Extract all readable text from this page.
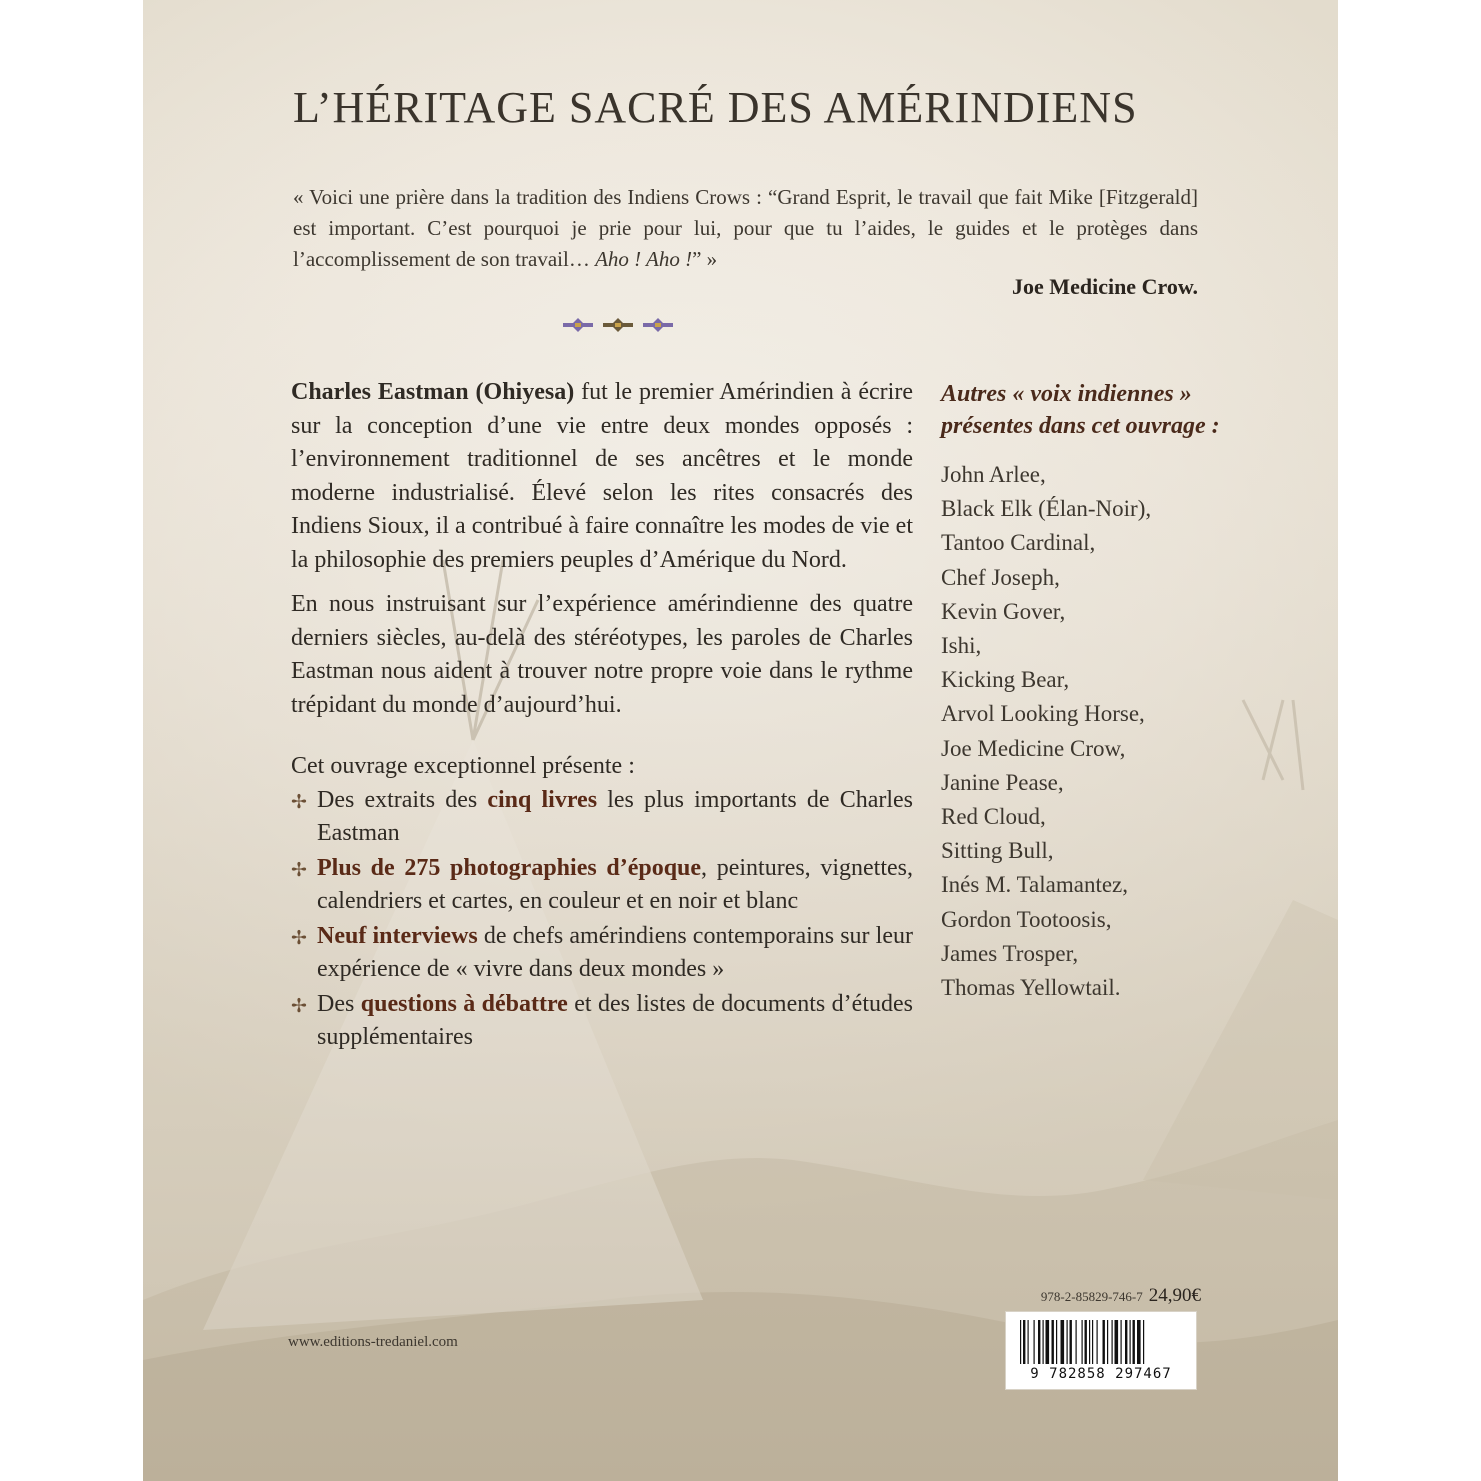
L’HÉRITAGE SACRÉ DES AMÉRINDIENS
« Voici une prière dans la tradition des Indiens Crows : “Grand Esprit, le travail que fait Mike [Fitzgerald] est important. C’est pourquoi je prie pour lui, pour que tu l’aides, le guides et le protèges dans l’accomplissement de son travail… Aho ! Aho !” »
Joe Medicine Crow.

Charles Eastman (Ohiyesa) fut le premier Amérindien à écrire sur la conception d’une vie entre deux mondes opposés : l’environnement traditionnel de ses ancêtres et le monde moderne industrialisé. Élevé selon les rites consacrés des Indiens Sioux, il a contribué à faire connaître les modes de vie et la philosophie des premiers peuples d’Amérique du Nord.

En nous instruisant sur l’expérience amérindienne des quatre derniers siècles, au-delà des stéréotypes, les paroles de Charles Eastman nous aident à trouver notre propre voie dans le rythme trépidant du monde d’aujourd’hui.

Cet ouvrage exceptionnel présente :

✢ Des extraits des cinq livres les plus importants de Charles Eastman
✢ Plus de 275 photographies d’époque, peintures, vignettes, calendriers et cartes, en couleur et en noir et blanc
✢ Neuf interviews de chefs amérindiens contemporains sur leur expérience de « vivre dans deux mondes »
✢ Des questions à débattre et des listes de documents d’études supplémentaires
Autres « voix indiennes » présentes dans cet ouvrage :
John Arlee,
Black Elk (Élan-Noir),
Tantoo Cardinal,
Chef Joseph,
Kevin Gover,
Ishi,
Kicking Bear,
Arvol Looking Horse,
Joe Medicine Crow,
Janine Pease,
Red Cloud,
Sitting Bull,
Inés M. Talamantez,
Gordon Tootoosis,
James Trosper,
Thomas Yellowtail.
www.editions-tredaniel.com
978-2-85829-746-7 24,90€
9 782858 297467
